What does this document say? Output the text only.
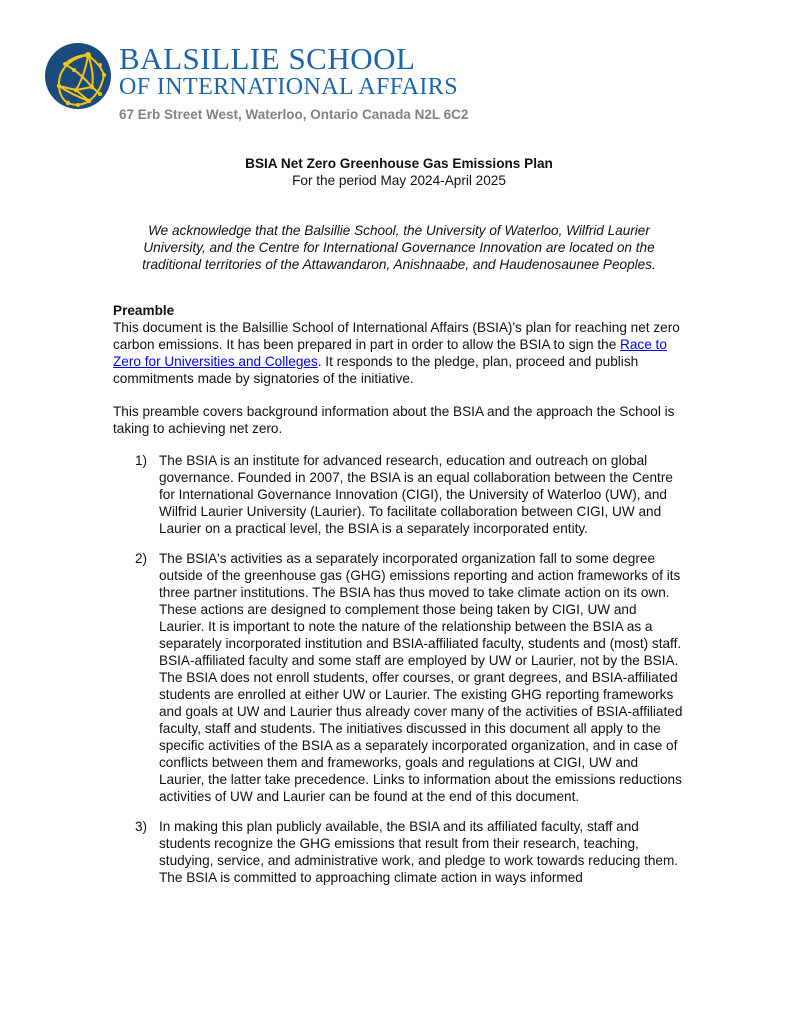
BALSILLIE SCHOOL
OF INTERNATIONAL AFFAIRS
67 Erb Street West, Waterloo, Ontario Canada N2L 6C2
BSIA Net Zero Greenhouse Gas Emissions Plan
For the period May 2024-April 2025

We acknowledge that the Balsillie School, the University of Waterloo, Wilfrid Laurier University, and the Centre for International Governance Innovation are located on the traditional territories of the Attawandaron, Anishnaabe, and Haudenosaunee Peoples.

Preamble

This document is the Balsillie School of International Affairs (BSIA)'s plan for reaching net zero carbon emissions. It has been prepared in part in order to allow the BSIA to sign the Race to Zero for Universities and Colleges. It responds to the pledge, plan, proceed and publish commitments made by signatories of the initiative.

This preamble covers background information about the BSIA and the approach the School is taking to achieving net zero.

1) The BSIA is an institute for advanced research, education and outreach on global governance. Founded in 2007, the BSIA is an equal collaboration between the Centre for International Governance Innovation (CIGI), the University of Waterloo (UW), and Wilfrid Laurier University (Laurier). To facilitate collaboration between CIGI, UW and Laurier on a practical level, the BSIA is a separately incorporated entity.
2) The BSIA's activities as a separately incorporated organization fall to some degree outside of the greenhouse gas (GHG) emissions reporting and action frameworks of its three partner institutions. The BSIA has thus moved to take climate action on its own. These actions are designed to complement those being taken by CIGI, UW and Laurier. It is important to note the nature of the relationship between the BSIA as a separately incorporated institution and BSIA-affiliated faculty, students and (most) staff. BSIA-affiliated faculty and some staff are employed by UW or Laurier, not by the BSIA. The BSIA does not enroll students, offer courses, or grant degrees, and BSIA-affiliated students are enrolled at either UW or Laurier. The existing GHG reporting frameworks and goals at UW and Laurier thus already cover many of the activities of BSIA-affiliated faculty, staff and students. The initiatives discussed in this document all apply to the specific activities of the BSIA as a separately incorporated organization, and in case of conflicts between them and frameworks, goals and regulations at CIGI, UW and Laurier, the latter take precedence. Links to information about the emissions reductions activities of UW and Laurier can be found at the end of this document.
3) In making this plan publicly available, the BSIA and its affiliated faculty, staff and students recognize the GHG emissions that result from their research, teaching, studying, service, and administrative work, and pledge to work towards reducing them. The BSIA is committed to approaching climate action in ways informed
